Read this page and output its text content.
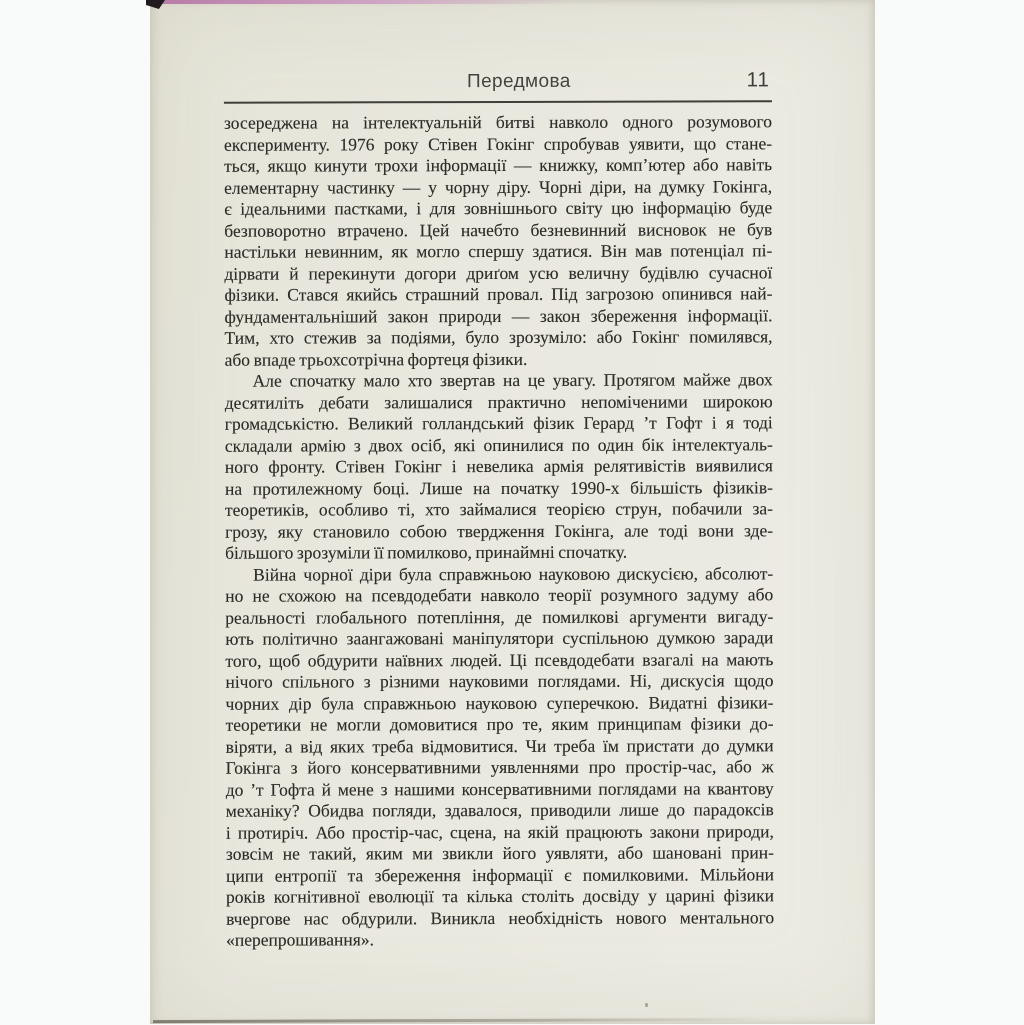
Передмова	11
зосереджена на інтелектуальній битві навколо одного розумового
експерименту. 1976 року Стівен Гокінг спробував уявити, що стане-
ться, якщо кинути трохи інформації — книжку, комп’ютер або навіть
елементарну частинку — у чорну діру. Чорні діри, на думку Гокінга,
є ідеальними пастками, і для зовнішнього світу цю інформацію буде
безповоротно втрачено. Цей начебто безневинний висновок не був
настільки невинним, як могло спершу здатися. Він мав потенціал пі-
дірвати й перекинути догори дриґом усю величну будівлю сучасної
фізики. Стався якийсь страшний провал. Під загрозою опинився най-
фундаментальніший закон природи — закон збереження інформації.
Тим, хто стежив за подіями, було зрозуміло: або Гокінг помилявся,
або впаде трьохсотрічна фортеця фізики.
Але спочатку мало хто звертав на це увагу. Протягом майже двох
десятиліть дебати залишалися практично непоміченими широкою
громадськістю. Великий голландський фізик Герард ’т Гофт і я тоді
складали армію з двох осіб, які опинилися по один бік інтелектуаль-
ного фронту. Стівен Гокінг і невелика армія релятивістів виявилися
на протилежному боці. Лише на початку 1990-х більшість фізиків-
теоретиків, особливо ті, хто займалися теорією струн, побачили за-
грозу, яку становило собою твердження Гокінга, але тоді вони зде-
більшого зрозуміли її помилково, принаймні спочатку.
Війна чорної діри була справжньою науковою дискусією, абсолют-
но не схожою на псевдодебати навколо теорії розумного задуму або
реальності глобального потепління, де помилкові аргументи вигаду-
ють політично заангажовані маніпулятори суспільною думкою заради
того, щоб обдурити наївних людей. Ці псевдодебати взагалі на мають
нічого спільного з різними науковими поглядами. Ні, дискусія щодо
чорних дір була справжньою науковою суперечкою. Видатні фізики-
теоретики не могли домовитися про те, яким принципам фізики до-
віряти, а від яких треба відмовитися. Чи треба їм пристати до думки
Гокінга з його консервативними уявленнями про простір-час, або ж
до ’т Гофта й мене з нашими консервативними поглядами на квантову
механіку? Обидва погляди, здавалося, приводили лише до парадоксів
і протиріч. Або простір-час, сцена, на якій працюють закони природи,
зовсім не такий, яким ми звикли його уявляти, або шановані прин-
ципи ентропії та збереження інформації є помилковими. Мільйони
років когнітивної еволюції та кілька століть досвіду у царині фізики
вчергове нас обдурили. Виникла необхідність нового ментального
«перепрошивання».
